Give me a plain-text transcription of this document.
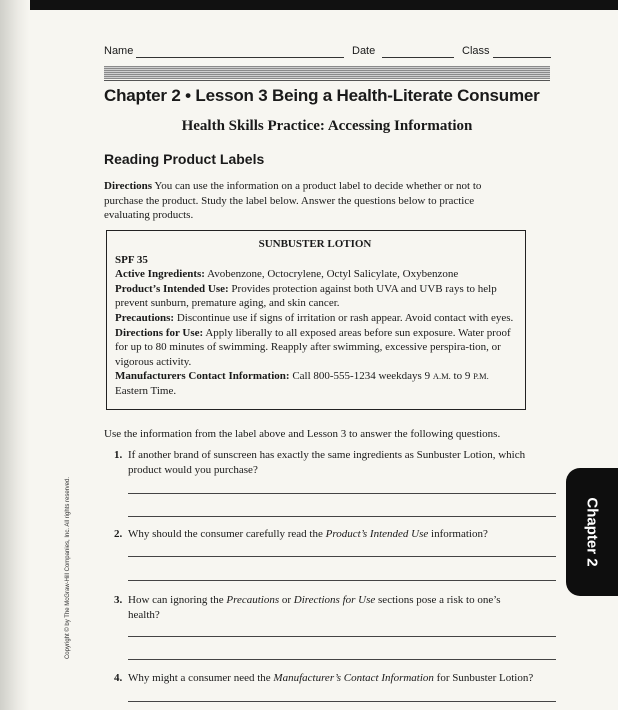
Name	Date	Class
Chapter 2 • Lesson 3 Being a Health-Literate Consumer
Health Skills Practice: Accessing Information
Reading Product Labels
Directions You can use the information on a product label to decide whether or not to purchase the product. Study the label below. Answer the questions below to practice evaluating products.
SUNBUSTER LOTION
SPF 35
Active Ingredients: Avobenzone, Octocrylene, Octyl Salicylate, Oxybenzone
Product’s Intended Use: Provides protection against both UVA and UVB rays to help prevent sunburn, premature aging, and skin cancer.
Precautions: Discontinue use if signs of irritation or rash appear. Avoid contact with eyes.
Directions for Use: Apply liberally to all exposed areas before sun exposure. Water proof for up to 80 minutes of swimming. Reapply after swimming, excessive perspira-tion, or vigorous activity.
Manufacturers Contact Information: Call 800-555-1234 weekdays 9 A.M. to 9 P.M. Eastern Time.
Use the information from the label above and Lesson 3 to answer the following questions.
1. If another brand of sunscreen has exactly the same ingredients as Sunbuster Lotion, which product would you purchase?
2. Why should the consumer carefully read the Product’s Intended Use information?
3. How can ignoring the Precautions or Directions for Use sections pose a risk to one’s health?
4. Why might a consumer need the Manufacturer’s Contact Information for Sunbuster Lotion?
Chapter 2
Copyright © by The McGraw-Hill Companies, Inc. All rights reserved.
